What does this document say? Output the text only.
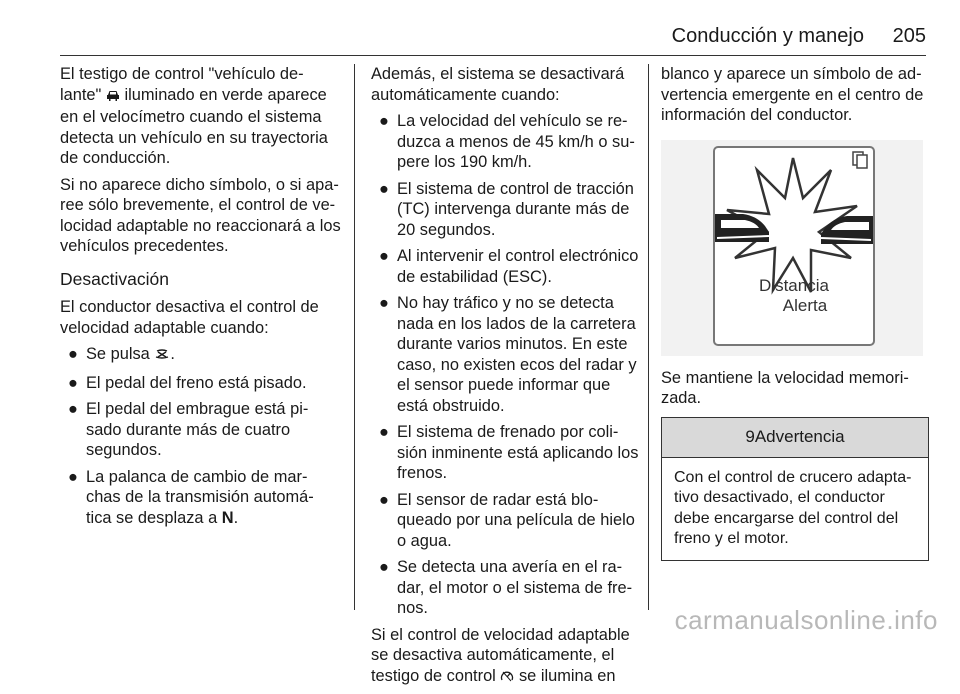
Conducción y manejo 205

El testigo de control "vehículo de- lante" iluminado en verde aparece en el velocímetro cuando el sistema detecta un vehículo en su trayectoria de conducción.

Si no aparece dicho símbolo, o si apa- ree sólo brevemente, el control de ve- locidad adaptable no reaccionará a los vehículos precedentes.

Desactivación

El conductor desactiva el control de velocidad adaptable cuando:

● Se pulsa .
● El pedal del freno está pisado.
● El pedal del embrague está pi- sado durante más de cuatro segundos.
● La palanca de cambio de mar- chas de la transmisión automá- tica se desplaza a N.

Además, el sistema se desactivará automáticamente cuando:

● La velocidad del vehículo se re- duzca a menos de 45 km/h o su- pere los 190 km/h.
● El sistema de control de tracción (TC) intervenga durante más de 20 segundos.
● Al intervenir el control electrónico de estabilidad (ESC).
● No hay tráfico y no se detecta nada en los lados de la carretera durante varios minutos. En este caso, no existen ecos del radar y el sensor puede informar que está obstruido.
● El sistema de frenado por coli- sión inminente está aplicando los frenos.
● El sensor de radar está blo- queado por una película de hielo o agua.
● Se detecta una avería en el ra- dar, el motor o el sistema de fre- nos.

Si el control de velocidad adaptable se desactiva automáticamente, el testigo de control se ilumina en

blanco y aparece un símbolo de ad- vertencia emergente en el centro de información del conductor.

Distancia
Alerta

Se mantiene la velocidad memori- zada.

9 Advertencia
Con el control de crucero adapta- tivo desactivado, el conductor debe encargarse del control del freno y el motor.
carmanualsonline.info
